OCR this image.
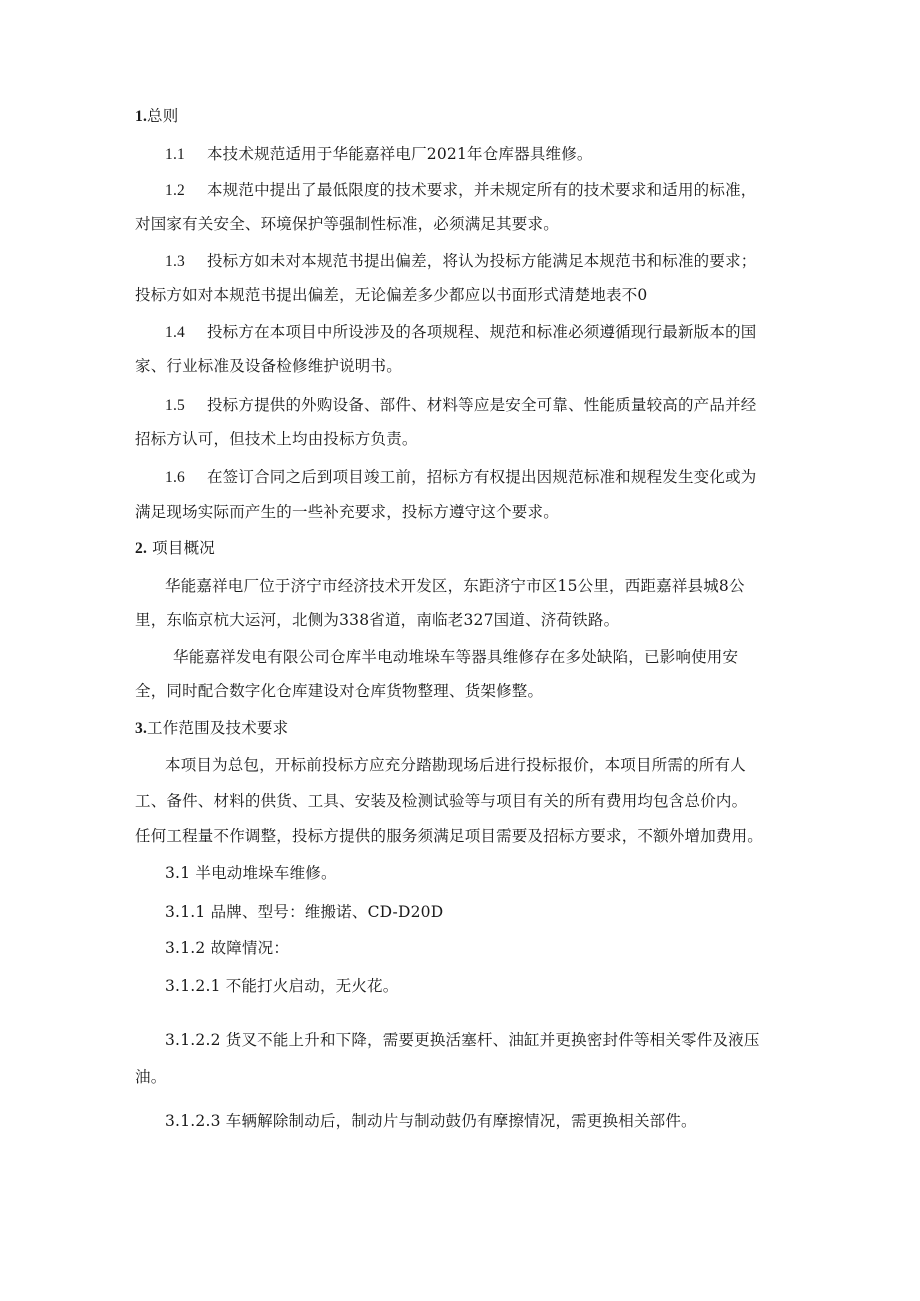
1.总则
1.1 本技术规范适用于华能嘉祥电厂2021年仓库器具维修。
1.2 本规范中提出了最低限度的技术要求，并未规定所有的技术要求和适用的标准，
对国家有关安全、环境保护等强制性标准，必须满足其要求。
1.3 投标方如未对本规范书提出偏差，将认为投标方能满足本规范书和标准的要求；
投标方如对本规范书提出偏差，无论偏差多少都应以书面形式清楚地表不0
1.4 投标方在本项目中所设涉及的各项规程、规范和标准必须遵循现行最新版本的国
家、行业标准及设备检修维护说明书。
1.5 投标方提供的外购设备、部件、材料等应是安全可靠、性能质量较高的产品并经
招标方认可，但技术上均由投标方负责。
1.6 在签订合同之后到项目竣工前，招标方有权提出因规范标准和规程发生变化或为
满足现场实际而产生的一些补充要求，投标方遵守这个要求。
2. 项目概况
华能嘉祥电厂位于济宁市经济技术开发区，东距济宁市区15公里，西距嘉祥县城8公
里，东临京杭大运河，北侧为338省道，南临老327国道、济荷铁路。
华能嘉祥发电有限公司仓库半电动堆垛车等器具维修存在多处缺陷，已影响使用安
全，同时配合数字化仓库建设对仓库货物整理、货架修整。
3.工作范围及技术要求
本项目为总包，开标前投标方应充分踏勘现场后进行投标报价，本项目所需的所有人
工、备件、材料的供货、工具、安装及检测试验等与项目有关的所有费用均包含总价内。
任何工程量不作调整，投标方提供的服务须满足项目需要及招标方要求，不额外增加费用。
3.1 半电动堆垛车维修。
3.1.1 品牌、型号：维搬诺、CD-D20D
3.1.2 故障情况：
3.1.2.1 不能打火启动，无火花。
3.1.2.2 货叉不能上升和下降，需要更换活塞杆、油缸并更换密封件等相关零件及液压
油。
3.1.2.3 车辆解除制动后，制动片与制动鼓仍有摩擦情况，需更换相关部件。
